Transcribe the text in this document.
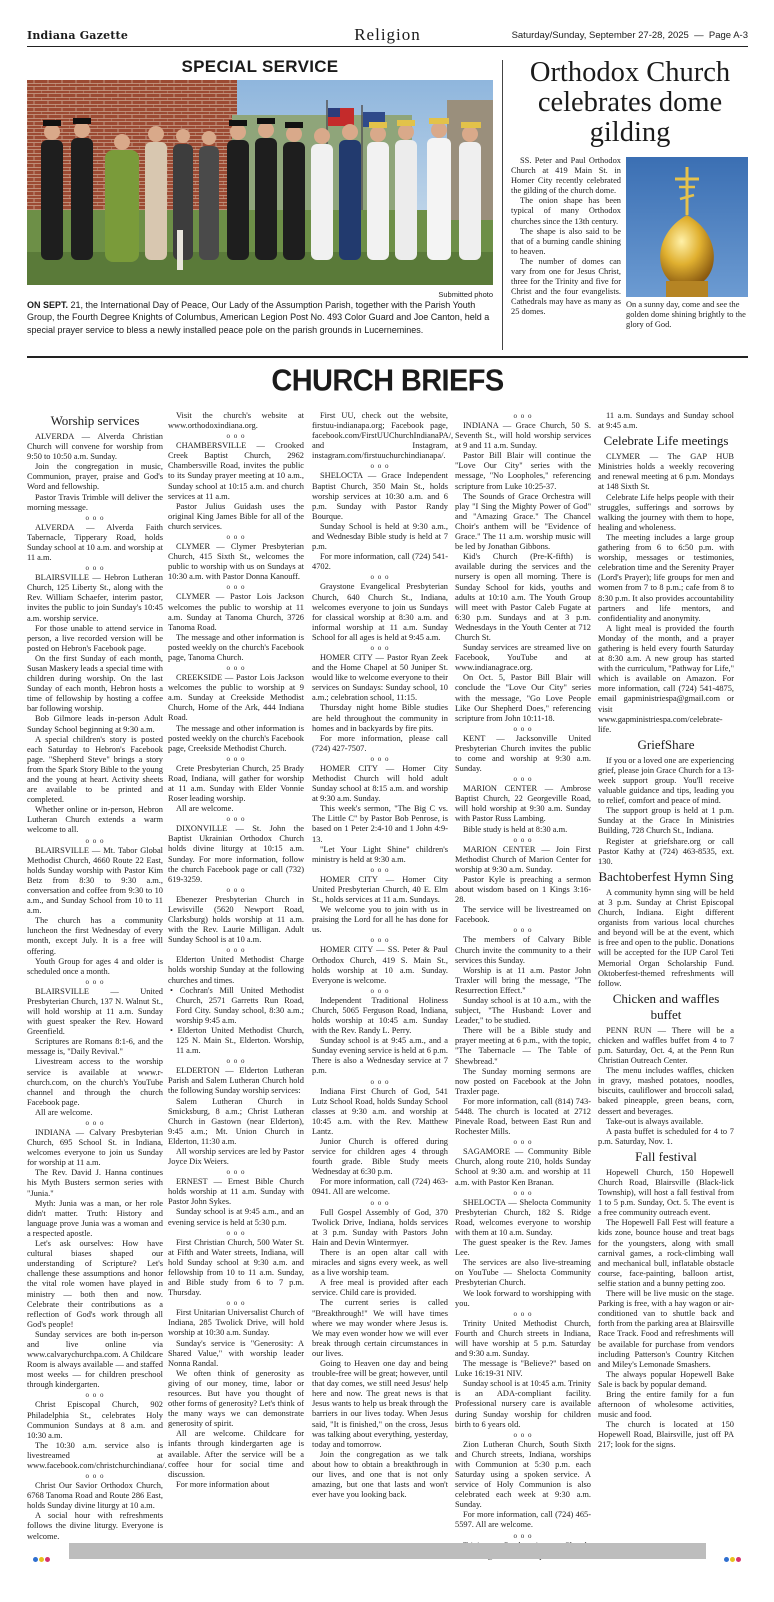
Indiana Gazette	Religion	Saturday/Sunday, September 27-28, 2025 — Page A-3
SPECIAL SERVICE
Submitted photo
ON SEPT. 21, the International Day of Peace, Our Lady of the Assumption Parish, together with the Parish Youth Group, the Fourth Degree Knights of Columbus, American Legion Post No. 493 Color Guard and Joe Canton, held a special prayer service to bless a newly installed peace pole on the parish grounds in Lucernemines.
Orthodox Church celebrates dome gilding

SS. Peter and Paul Orthodox Church at 419 Main St. in Homer City recently celebrated the gilding of the church dome.

The onion shape has been typical of many Orthodox churches since the 13th century.

The shape is also said to be that of a burning candle shining to heaven.

The number of domes can vary from one for Jesus Christ, three for the Trinity and five for Christ and the four evangelists. Cathedrals may have as many as 25 domes.

On a sunny day, come and see the golden dome shining brightly to the glory of God.
CHURCH BRIEFS
Worship services

ALVERDA — Alverda Christian Church will convene for worship from 9:50 to 10:50 a.m. Sunday.

Join the congregation in music, Communion, prayer, praise and God's Word and fellowship.

Pastor Travis Trimble will deliver the morning message.

o o o

ALVERDA — Alverda Faith Tabernacle, Tipperary Road, holds Sunday school at 10 a.m. and worship at 11 a.m.

o o o

BLAIRSVILLE — Hebron Lutheran Church, 125 Liberty St., along with the Rev. William Schaefer, interim pastor, invites the public to join Sunday's 10:45 a.m. worship service.

For those unable to attend service in person, a live recorded version will be posted on Hebron's Facebook page.

On the first Sunday of each month, Susan Maskery leads a special time with children during worship. On the last Sunday of each month, Hebron hosts a time of fellowship by hosting a coffee bar following worship.

Bob Gilmore leads in-person Adult Sunday School beginning at 9:30 a.m.

A special children's story is posted each Saturday to Hebron's Facebook page. "Shepherd Steve" brings a story from the Spark Story Bible to the young and the young at heart. Activity sheets are available to be printed and completed.

Whether online or in-person, Hebron Lutheran Church extends a warm welcome to all.

o o o

BLAIRSVILLE — Mt. Tabor Global Methodist Church, 4660 Route 22 East, holds Sunday worship with Pastor Kim Betz from 8:30 to 9:30 a.m., conversation and coffee from 9:30 to 10 a.m., and Sunday School from 10 to 11 a.m.

The church has a community luncheon the first Wednesday of every month, except July. It is a free will offering.

Youth Group for ages 4 and older is scheduled once a month.

o o o

BLAIRSVILLE — United Presbyterian Church, 137 N. Walnut St., will hold worship at 11 a.m. Sunday with guest speaker the Rev. Howard Greenfield.

Scriptures are Romans 8:1-6, and the message is, "Daily Revival."

Livestream access to the worship service is available at www.r-church.com, on the church's YouTube channel and through the church Facebook page.

All are welcome.

o o o

INDIANA — Calvary Presbyterian Church, 695 School St. in Indiana, welcomes everyone to join us Sunday for worship at 11 a.m.

The Rev. David J. Hanna continues his Myth Busters sermon series with "Junia."

Myth: Junia was a man, or her role didn't matter. Truth: History and language prove Junia was a woman and a respected apostle.

Let's ask ourselves: How have cultural biases shaped our understanding of Scripture? Let's challenge these assumptions and honor the vital role women have played in ministry — both then and now. Celebrate their contributions as a reflection of God's work through all God's people!

Sunday services are both in-person and live online via www.calvarychurchpa.com. A Childcare Room is always available — and staffed most weeks — for children preschool through kindergarten.

o o o

Christ Episcopal Church, 902 Philadelphia St., celebrates Holy Communion Sundays at 8 a.m. and 10:30 a.m.

The 10:30 a.m. service also is livestreamed at www.facebook.com/christchurchindiana/.

o o o

Christ Our Savior Orthodox Church, 6768 Tanoma Road and Route 286 East, holds Sunday divine liturgy at 10 a.m.

A social hour with refreshments follows the divine liturgy. Everyone is welcome.

Visit the church's website at www.orthodoxindiana.org.

o o o

CHAMBERSVILLE — Crooked Creek Baptist Church, 2962 Chambersville Road, invites the public to its Sunday prayer meeting at 10 a.m., Sunday school at 10:15 a.m. and church services at 11 a.m.

Pastor Julius Guidash uses the original King James Bible for all of the church services.

o o o

CLYMER — Clymer Presbyterian Church, 415 Sixth St., welcomes the public to worship with us on Sundays at 10:30 a.m. with Pastor Donna Kanouff.

o o o

CLYMER — Pastor Lois Jackson welcomes the public to worship at 11 a.m. Sunday at Tanoma Church, 3726 Tanoma Road.

The message and other information is posted weekly on the church's Facebook page, Tanoma Church.

o o o

CREEKSIDE — Pastor Lois Jackson welcomes the public to worship at 9 a.m. Sunday at Creekside Methodist Church, Home of the Ark, 444 Indiana Road.

The message and other information is posted weekly on the church's Facebook page, Creekside Methodist Church.

o o o

Crete Presbyterian Church, 25 Brady Road, Indiana, will gather for worship at 11 a.m. Sunday with Elder Vonnie Roser leading worship.

All are welcome.

o o o

DIXONVILLE — St. John the Baptist Ukrainian Orthodox Church holds divine liturgy at 10:15 a.m. Sunday. For more information, follow the church Facebook page or call (732) 619-3259.

o o o

Ebenezer Presbyterian Church in Lewisville (5620 Newport Road, Clarksburg) holds worship at 11 a.m. with the Rev. Laurie Milligan. Adult Sunday School is at 10 a.m.

o o o

Elderton United Methodist Charge holds worship Sunday at the following churches and times.

• Cochran's Mill United Methodist Church, 2571 Garretts Run Road, Ford City. Sunday school, 8:30 a.m.; worship 9:45 a.m.

• Elderton United Methodist Church, 125 N. Main St., Elderton. Worship, 11 a.m.

o o o

ELDERTON — Elderton Lutheran Parish and Salem Lutheran Church hold the following Sunday worship services:

Salem Lutheran Church in Smicksburg, 8 a.m.; Christ Lutheran Church in Gastown (near Elderton), 9:45 a.m.; Mt. Union Church in Elderton, 11:30 a.m.

All worship services are led by Pastor Joyce Dix Weiers.

o o o

ERNEST — Ernest Bible Church holds worship at 11 a.m. Sunday with Pastor John Sykes.

Sunday school is at 9:45 a.m., and an evening service is held at 5:30 p.m.

o o o

First Christian Church, 500 Water St. at Fifth and Water streets, Indiana, will hold Sunday school at 9:30 a.m. and fellowship from 10 to 11 a.m. Sunday, and Bible study from 6 to 7 p.m. Thursday.

o o o

First Unitarian Universalist Church of Indiana, 285 Twolick Drive, will hold worship at 10:30 a.m. Sunday.

Sunday's service is "Generosity: A Shared Value," with worship leader Nonna Randal.

We often think of generosity as giving of our money, time, labor or resources. But have you thought of other forms of generosity? Let's think of the many ways we can demonstrate generosity of spirit.

All are welcome. Childcare for infants through kindergarten age is available. After the service will be a coffee hour for social time and discussion.

For more information about

First UU, check out the website, firstuu-indianapa.org; Facebook page, facebook.com/FirstUUChurchIndianaPA/, and Instagram, instagram.com/firstuuchurchindianapa/.

o o o

SHELOCTA — Grace Independent Baptist Church, 350 Main St., holds worship services at 10:30 a.m. and 6 p.m. Sunday with Pastor Randy Bourque.

Sunday School is held at 9:30 a.m., and Wednesday Bible study is held at 7 p.m.

For more information, call (724) 541-4702.

o o o

Graystone Evangelical Presbyterian Church, 640 Church St., Indiana, welcomes everyone to join us Sundays for classical worship at 8:30 a.m. and informal worship at 11 a.m. Sunday School for all ages is held at 9:45 a.m.

o o o

HOMER CITY — Pastor Ryan Zeek and the Home Chapel at 50 Juniper St. would like to welcome everyone to their services on Sundays: Sunday school, 10 a.m.; celebration school, 11:15.

Thursday night home Bible studies are held throughout the community in homes and in backyards by fire pits.

For more information, please call (724) 427-7507.

o o o

HOMER CITY — Homer City Methodist Church will hold adult Sunday school at 8:15 a.m. and worship at 9:30 a.m. Sunday.

This week's sermon, "The Big C vs. The Little C" by Pastor Bob Penrose, is based on 1 Peter 2:4-10 and 1 John 4:9-13.

"Let Your Light Shine" children's ministry is held at 9:30 a.m.

o o o

HOMER CITY — Homer City United Presbyterian Church, 40 E. Elm St., holds services at 11 a.m. Sundays.

We welcome you to join with us in praising the Lord for all he has done for us.

o o o

HOMER CITY — SS. Peter & Paul Orthodox Church, 419 S. Main St., holds worship at 10 a.m. Sunday. Everyone is welcome.

o o o

Independent Traditional Holiness Church, 5065 Ferguson Road, Indiana, holds worship at 10:45 a.m. Sunday with the Rev. Randy L. Perry.

Sunday school is at 9:45 a.m., and a Sunday evening service is held at 6 p.m. There is also a Wednesday service at 7 p.m.

o o o

Indiana First Church of God, 541 Lutz School Road, holds Sunday School classes at 9:30 a.m. and worship at 10:45 a.m. with the Rev. Matthew Lantz.

Junior Church is offered during service for children ages 4 through fourth grade. Bible Study meets Wednesday at 6:30 p.m.

For more information, call (724) 463-0941. All are welcome.

o o o

Full Gospel Assembly of God, 370 Twolick Drive, Indiana, holds services at 3 p.m. Sunday with Pastors John Hain and Devin Wintermyer.

There is an open altar call with miracles and signs every week, as well as a live worship team.

A free meal is provided after each service. Child care is provided.

The current series is called "Breakthrough!" We will have times where we may wonder where Jesus is. We may even wonder how we will ever break through certain circumstances in our lives.

Going to Heaven one day and being trouble-free will be great; however, until that day comes, we still need Jesus' help here and now. The great news is that Jesus wants to help us break through the barriers in our lives today. When Jesus said, "It is finished," on the cross, Jesus was talking about everything, yesterday, today and tomorrow.

Join the congregation as we talk about how to obtain a breakthrough in our lives, and one that is not only amazing, but one that lasts and won't ever have you looking back.

o o o

INDIANA — Grace Church, 50 S. Seventh St., will hold worship services at 9 and 11 a.m. Sunday.

Pastor Bill Blair will continue the "Love Our City" series with the message, "No Loopholes," referencing scripture from Luke 10:25-37.

The Sounds of Grace Orchestra will play "I Sing the Mighty Power of God" and "Amazing Grace." The Chancel Choir's anthem will be "Evidence of Grace." The 11 a.m. worship music will be led by Jonathan Gibbons.

Kid's Church (Pre-K-fifth) is available during the services and the nursery is open all morning. There is Sunday School for kids, youths and adults at 10:10 a.m. The Youth Group will meet with Pastor Caleb Fugate at 6:30 p.m. Sundays and at 3 p.m. Wednesdays in the Youth Center at 712 Church St.

Sunday services are streamed live on Facebook, YouTube and at www.indianagrace.org.

On Oct. 5, Pastor Bill Blair will conclude the "Love Our City" series with the message, "Go Love People Like Our Shepherd Does," referencing scripture from John 10:11-18.

o o o

KENT — Jacksonville United Presbyterian Church invites the public to come and worship at 9:30 a.m. Sunday.

o o o

MARION CENTER — Ambrose Baptist Church, 22 Georgeville Road, will hold worship at 9:30 a.m. Sunday with Pastor Russ Lambing.

Bible study is held at 8:30 a.m.

o o o

MARION CENTER — Join First Methodist Church of Marion Center for worship at 9:30 a.m. Sunday.

Pastor Kyle is preaching a sermon about wisdom based on 1 Kings 3:16-28.

The service will be livestreamed on Facebook.

o o o

The members of Calvary Bible Church invite the community to a their services this Sunday.

Worship is at 11 a.m. Pastor John Traxler will bring the message, "The Resurrection Effect."

Sunday school is at 10 a.m., with the subject, "The Husband: Lover and Leader," to be studied.

There will be a Bible study and prayer meeting at 6 p.m., with the topic, "The Tabernacle — The Table of Shewbread."

The Sunday morning sermons are now posted on Facebook at the John Traxler page.

For more information, call (814) 743-5448. The church is located at 2712 Pinevale Road, between East Run and Rochester Mills.

o o o

SAGAMORE — Community Bible Church, along route 210, holds Sunday School at 9:30 a.m. and worship at 11 a.m. with Pastor Ken Branan.

o o o

SHELOCTA — Shelocta Community Presbyterian Church, 182 S. Ridge Road, welcomes everyone to worship with them at 10 a.m. Sunday.

The guest speaker is the Rev. James Lee.

The services are also live-streaming on YouTube — Shelocta Community Presbyterian Church.

We look forward to worshipping with you.

o o o

Trinity United Methodist Church, Fourth and Church streets in Indiana, will have worship at 5 p.m. Saturday and 9:30 a.m. Sunday.

The message is "Believe?" based on Luke 16:19-31 NIV.

Sunday school is at 10:45 a.m. Trinity is an ADA-compliant facility. Professional nursery care is available during Sunday worship for children birth to 6 years old.

o o o

Zion Lutheran Church, South Sixth and Church streets, Indiana, worships with Communion at 5:30 p.m. each Saturday using a spoken service. A service of Holy Communion is also celebrated each week at 9:30 a.m. Sunday.

For more information, call (724) 465-5597. All are welcome.

o o o

11 a.m. Sundays and Sunday school at 9:45 a.m.

Celebrate Life meetings

CLYMER — The GAP HUB Ministries holds a weekly recovering and renewal meeting at 6 p.m. Mondays at 148 Sixth St.

Celebrate Life helps people with their struggles, sufferings and sorrows by walking the journey with them to hope, healing and wholeness.

The meeting includes a large group gathering from 6 to 6:50 p.m. with worship, messages or testimonies, celebration time and the Serenity Prayer (Lord's Prayer); life groups for men and women from 7 to 8 p.m.; cafe from 8 to 8:30 p.m. It also provides accountability partners and life mentors, and confidentiality and anonymity.

A light meal is provided the fourth Monday of the month, and a prayer gathering is held every fourth Saturday at 8:30 a.m. A new group has started with the curriculum, "Pathway for Life," which is available on Amazon. For more information, call (724) 541-4875, email gapministriespa@gmail.com or visit www.gapministriespa.com/celebrate-life.

GriefShare

If you or a loved one are experiencing grief, please join Grace Church for a 13-week support group. You'll receive valuable guidance and tips, leading you to relief, comfort and peace of mind.

The support group is held at 1 p.m. Sunday at the Grace In Ministries Building, 728 Church St., Indiana.

Register at griefshare.org or call Pastor Kathy at (724) 463-8535, ext. 130.

Bachtoberfest Hymn Sing

A community hymn sing will be held at 3 p.m. Sunday at Christ Episcopal Church, Indiana. Eight different organists from various local churches and beyond will be at the event, which is free and open to the public. Donations will be accepted for the IUP Carol Teti Memorial Organ Scholarship Fund. Oktoberfest-themed refreshments will follow.

Chicken and waffles buffet

PENN RUN — There will be a chicken and waffles buffet from 4 to 7 p.m. Saturday, Oct. 4, at the Penn Run Christian Outreach Center.

The menu includes waffles, chicken in gravy, mashed potatoes, noodles, biscuits, cauliflower and broccoli salad, baked pineapple, green beans, corn, dessert and beverages.

Take-out is always available.

A pasta buffet is scheduled for 4 to 7 p.m. Saturday, Nov. 1.

Fall festival

Hopewell Church, 150 Hopewell Church Road, Blairsville (Black-lick Township), will host a fall festival from 1 to 5 p.m. Sunday, Oct. 5. The event is a free community outreach event.

The Hopewell Fall Fest will feature a kids zone, bounce house and treat bags for the youngsters, along with small carnival games, a rock-climbing wall and mechanical bull, inflatable obstacle course, face-painting, balloon artist, selfie station and a bunny petting zoo.

There will be live music on the stage. Parking is free, with a hay wagon or air-conditioned van to shuttle back and forth from the parking area at Blairsville Race Track. Food and refreshments will be available for purchase from vendors including Patterson's Country Kitchen and Miley's Lemonade Smashers.

The always popular Hopewell Bake Sale is back by popular demand.

Bring the entire family for a fun afternoon of wholesome activities, music and food.

The church is located at 150 Hopewell Road, Blairsville, just off PA 217; look for the signs.
